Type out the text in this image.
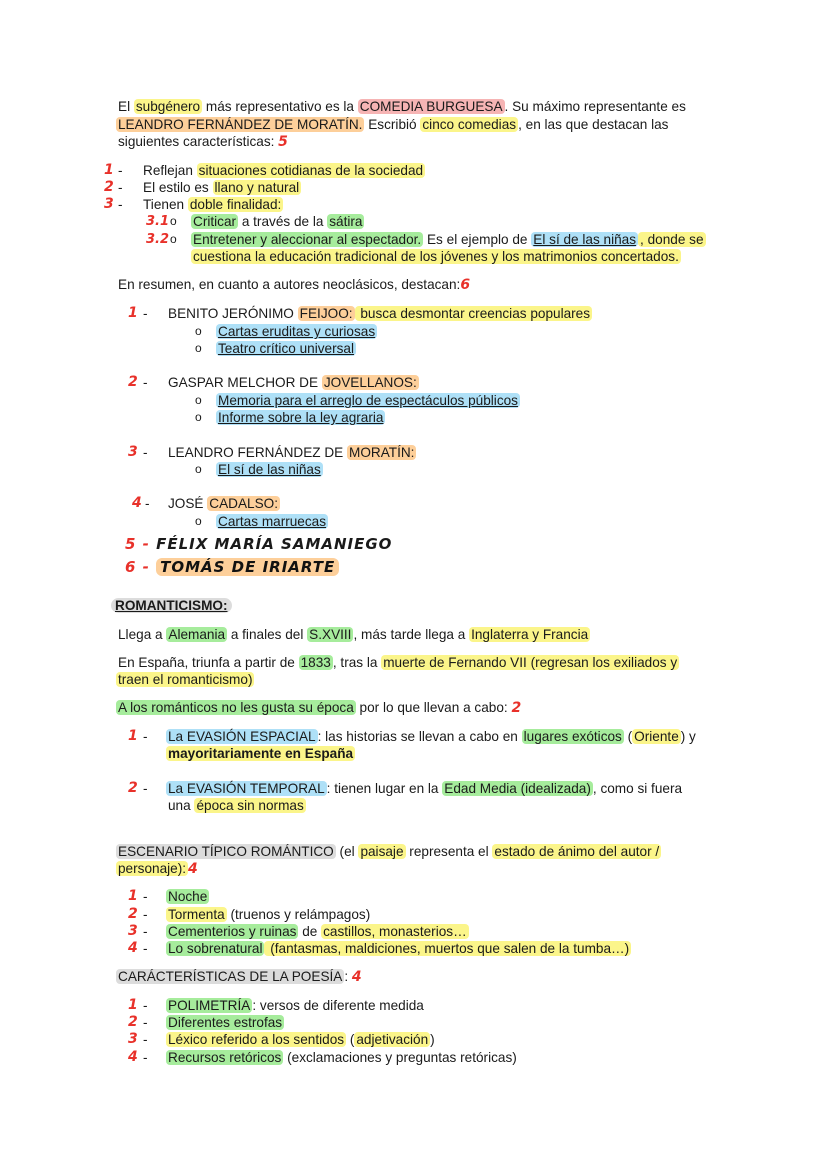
El subgénero más representativo es la COMEDIA BURGUESA . Su máximo representante es
LEANDRO FERNÁNDEZ DE MORATÍN. Escribió cinco comedias , en las que destacan las
siguientes características: 5
1 - Reflejan situaciones cotidianas de la sociedad
2 - El estilo es llano y natural
3 - Tienen doble finalidad:
3.1 o Criticar a través de la sátira
3.2 o Entretener y aleccionar al espectador. Es el ejemplo de El sí de las niñas , donde se
cuestiona la educación tradicional de los jóvenes y los matrimonios concertados.
En resumen, en cuanto a autores neoclásicos, destacan:6
1 - BENITO JERÓNIMO FEIJOO: busca desmontar creencias populares
o Cartas eruditas y curiosas
o Teatro crítico universal
2 - GASPAR MELCHOR DE JOVELLANOS:
o Memoria para el arreglo de espectáculos públicos
o Informe sobre la ley agraria
3 - LEANDRO FERNÁNDEZ DE MORATÍN:
o El sí de las niñas
4 - JOSÉ CADALSO:
o Cartas marruecas
5 - FÉLIX MARÍA SAMANIEGO
6 - TOMÁS DE IRIARTE
ROMANTICISMO:
Llega a Alemania a finales del S.XVIII , más tarde llega a Inglaterra y Francia
En España, triunfa a partir de 1833 , tras la muerte de Fernando VII (regresan los exiliados y
traen el romanticismo)
A los románticos no les gusta su época por lo que llevan a cabo: 2
1 - La EVASIÓN ESPACIAL : las historias se llevan a cabo en lugares exóticos ( Oriente ) y
mayoritariamente en España
2 - La EVASIÓN TEMPORAL : tienen lugar en la Edad Media (idealizada) , como si fuera
una época sin normas
ESCENARIO TÍPICO ROMÁNTICO (el paisaje representa el estado de ánimo del autor /
personaje): 4
1 - Noche
2 - Tormenta (truenos y relámpagos)
3 - Cementerios y ruinas de castillos, monasterios…
4 - Lo sobrenatural (fantasmas, maldiciones, muertos que salen de la tumba…)
CARÁCTERÍSTICAS DE LA POESÍA : 4
1 - POLIMETRÍA : versos de diferente medida
2 - Diferentes estrofas
3 - Léxico referido a los sentidos ( adjetivación )
4 - Recursos retóricos (exclamaciones y preguntas retóricas)
